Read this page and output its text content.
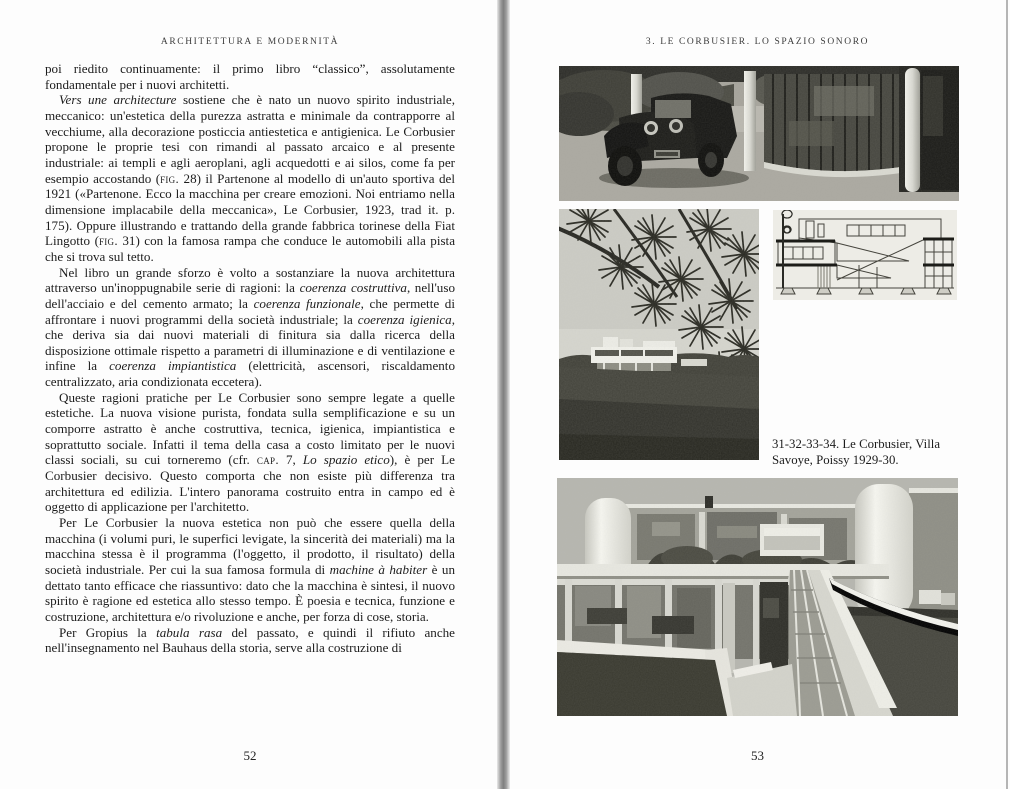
ARCHITETTURA E MODERNITÀ

poi riedito continuamente: il primo libro “classico”, assolutamente fondamentale per i nuovi architetti.

Vers une architecture sostiene che è nato un nuovo spirito industriale, meccanico: un'estetica della purezza astratta e minimale da contrapporre al vecchiume, alla decorazione posticcia antiestetica e antigienica. Le Corbusier propone le proprie tesi con rimandi al passato arcaico e al presente industriale: ai templi e agli aeroplani, agli acquedotti e ai silos, come fa per esempio accostando (fig. 28) il Partenone al modello di un'auto sportiva del 1921 («Partenone. Ecco la macchina per creare emozioni. Noi entriamo nella dimensione implacabile della meccanica», Le Corbusier, 1923, trad it. p. 175). Oppure illustrando e trattando della grande fabbrica torinese della Fiat Lingotto (fig. 31) con la famosa rampa che conduce le automobili alla pista che si trova sul tetto.

Nel libro un grande sforzo è volto a sostanziare la nuova architettura attraverso un'inoppugnabile serie di ragioni: la coerenza costruttiva, nell'uso dell'acciaio e del cemento armato; la coerenza funzionale, che permette di affrontare i nuovi programmi della società industriale; la coerenza igienica, che deriva sia dai nuovi materiali di finitura sia dalla ricerca della disposizione ottimale rispetto a parametri di illuminazione e di ventilazione e infine la coerenza impiantistica (elettricità, ascensori, riscaldamento centralizzato, aria condizionata eccetera).

Queste ragioni pratiche per Le Corbusier sono sempre legate a quelle estetiche. La nuova visione purista, fondata sulla semplificazione e su un comporre astratto è anche costruttiva, tecnica, igienica, impiantistica e soprattutto sociale. Infatti il tema della casa a costo limitato per le nuovi classi sociali, su cui torneremo (cfr. cap. 7, Lo spazio etico), è per Le Corbusier decisivo. Questo comporta che non esiste più differenza tra architettura ed edilizia. L'intero panorama costruito entra in campo ed è oggetto di applicazione per l'architetto.

Per Le Corbusier la nuova estetica non può che essere quella della macchina (i volumi puri, le superfici levigate, la sincerità dei materiali) ma la macchina stessa è il programma (l'oggetto, il prodotto, il risultato) della società industriale. Per cui la sua famosa formula di machine à habiter è un dettato tanto efficace che riassuntivo: dato che la macchina è sintesi, il nuovo spirito è ragione ed estetica allo stesso tempo. È poesia e tecnica, funzione e costruzione, architettura e/o rivoluzione e anche, per forza di cose, storia.

Per Gropius la tabula rasa del passato, e quindi il rifiuto anche nell'insegnamento nel Bauhaus della storia, serve alla costruzione di

52
3. LE CORBUSIER. LO SPAZIO SONORO
31-32-33-34. Le Corbusier, Villa Savoye, Poissy 1929-30.
53
